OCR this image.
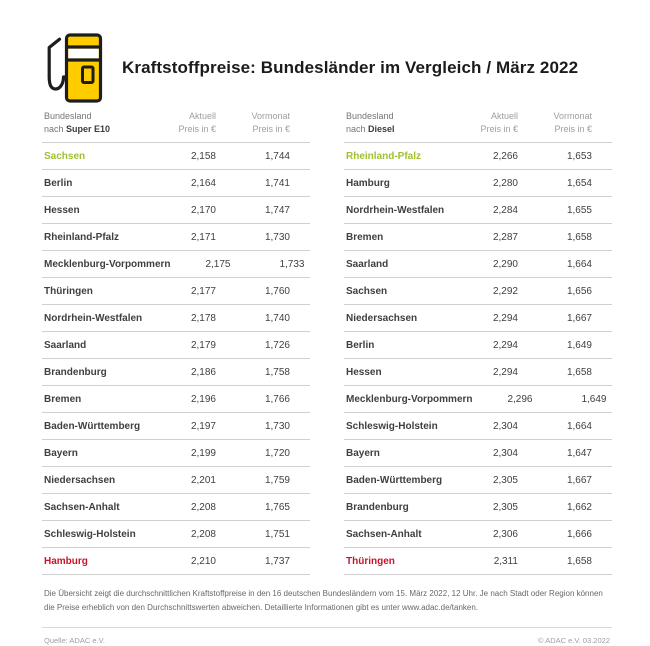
Kraftstoffpreise: Bundesländer im Vergleich / März 2022
Bundesland
nach Super E10
Aktuell
Preis in €
Vormonat
Preis in €
Sachsen	2,158	1,744
Berlin	2,164	1,741
Hessen	2,170	1,747
Rheinland-Pfalz	2,171	1,730
Mecklenburg-Vorpommern	2,175	1,733
Thüringen	2,177	1,760
Nordrhein-Westfalen	2,178	1,740
Saarland	2,179	1,726
Brandenburg	2,186	1,758
Bremen	2,196	1,766
Baden-Württemberg	2,197	1,730
Bayern	2,199	1,720
Niedersachsen	2,201	1,759
Sachsen-Anhalt	2,208	1,765
Schleswig-Holstein	2,208	1,751
Hamburg	2,210	1,737
Bundesland
nach Diesel
Aktuell
Preis in €
Vormonat
Preis in €
Rheinland-Pfalz	2,266	1,653
Hamburg	2,280	1,654
Nordrhein-Westfalen	2,284	1,655
Bremen	2,287	1,658
Saarland	2,290	1,664
Sachsen	2,292	1,656
Niedersachsen	2,294	1,667
Berlin	2,294	1,649
Hessen	2,294	1,658
Mecklenburg-Vorpommern	2,296	1,649
Schleswig-Holstein	2,304	1,664
Bayern	2,304	1,647
Baden-Württemberg	2,305	1,667
Brandenburg	2,305	1,662
Sachsen-Anhalt	2,306	1,666
Thüringen	2,311	1,658

Die Übersicht zeigt die durchschnittlichen Kraftstoffpreise in den 16 deutschen Bundesländern vom 15. März 2022, 12 Uhr. Je nach Stadt oder Region können die Preise erheblich von den Durchschnittswerten abweichen. Detaillierte Informationen gibt es unter www.adac.de/tanken.

Quelle: ADAC e.V.	© ADAC e.V. 03.2022
